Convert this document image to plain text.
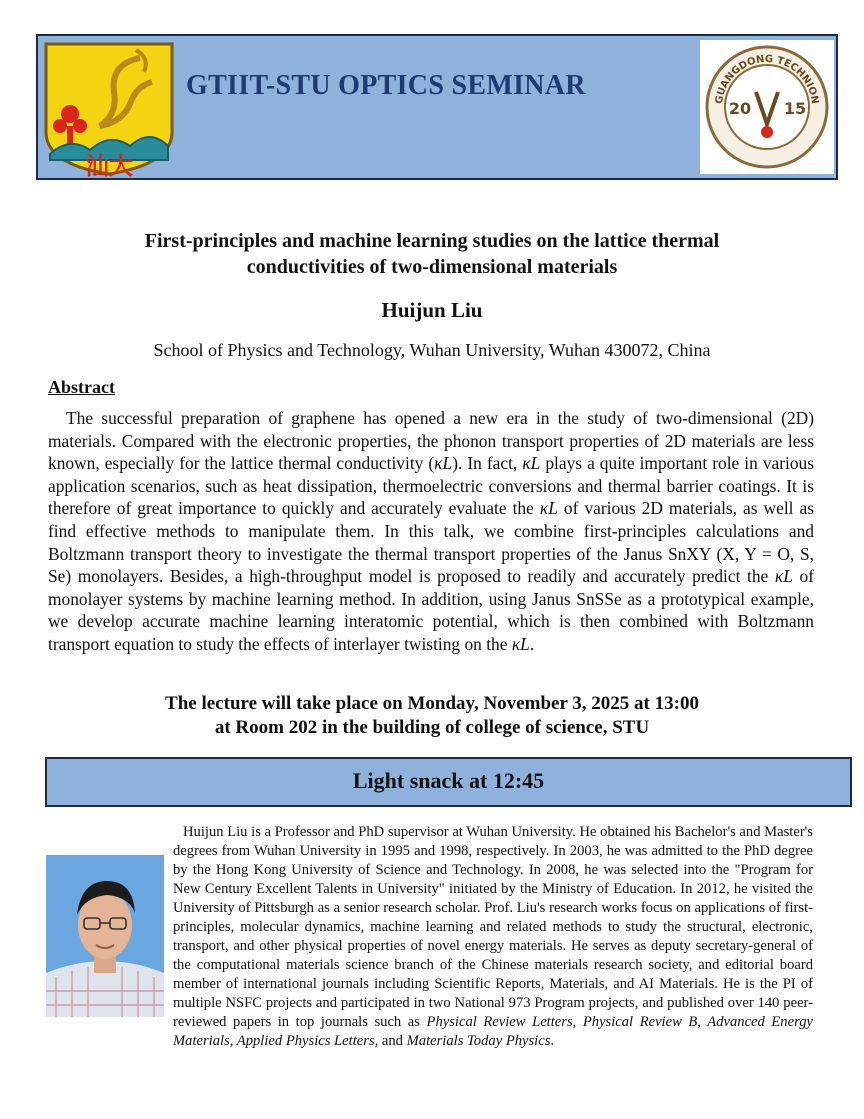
汕大
GTIIT-STU OPTICS SEMINAR	GUANGDONG TECHNION
20 15
First-principles and machine learning studies on the lattice thermal
conductivities of two-dimensional materials
Huijun Liu
School of Physics and Technology, Wuhan University, Wuhan 430072, China
Abstract

The successful preparation of graphene has opened a new era in the study of two-dimensional (2D) materials. Compared with the electronic properties, the phonon transport properties of 2D materials are less known, especially for the lattice thermal conductivity (κL). In fact, κL plays a quite important role in various application scenarios, such as heat dissipation, thermoelectric conversions and thermal barrier coatings. It is therefore of great importance to quickly and accurately evaluate the κL of various 2D materials, as well as find effective methods to manipulate them. In this talk, we combine first-principles calculations and Boltzmann transport theory to investigate the thermal transport properties of the Janus SnXY (X, Y = O, S, Se) monolayers. Besides, a high-throughput model is proposed to readily and accurately predict the κL of monolayer systems by machine learning method. In addition, using Janus SnSSe as a prototypical example, we develop accurate machine learning interatomic potential, which is then combined with Boltzmann transport equation to study the effects of interlayer twisting on the κL.

The lecture will take place on Monday, November 3, 2025 at 13:00
at Room 202 in the building of college of science, STU
Light snack at 12:45

Huijun Liu is a Professor and PhD supervisor at Wuhan University. He obtained his Bachelor's and Master's degrees from Wuhan University in 1995 and 1998, respectively. In 2003, he was admitted to the PhD degree by the Hong Kong University of Science and Technology. In 2008, he was selected into the "Program for New Century Excellent Talents in University" initiated by the Ministry of Education. In 2012, he visited the University of Pittsburgh as a senior research scholar. Prof. Liu's research works focus on applications of first-principles, molecular dynamics, machine learning and related methods to study the structural, electronic, transport, and other physical properties of novel energy materials. He serves as deputy secretary-general of the computational materials science branch of the Chinese materials research society, and editorial board member of international journals including Scientific Reports, Materials, and AI Materials. He is the PI of multiple NSFC projects and participated in two National 973 Program projects, and published over 140 peer-reviewed papers in top journals such as Physical Review Letters, Physical Review B, Advanced Energy Materials, Applied Physics Letters, and Materials Today Physics.
